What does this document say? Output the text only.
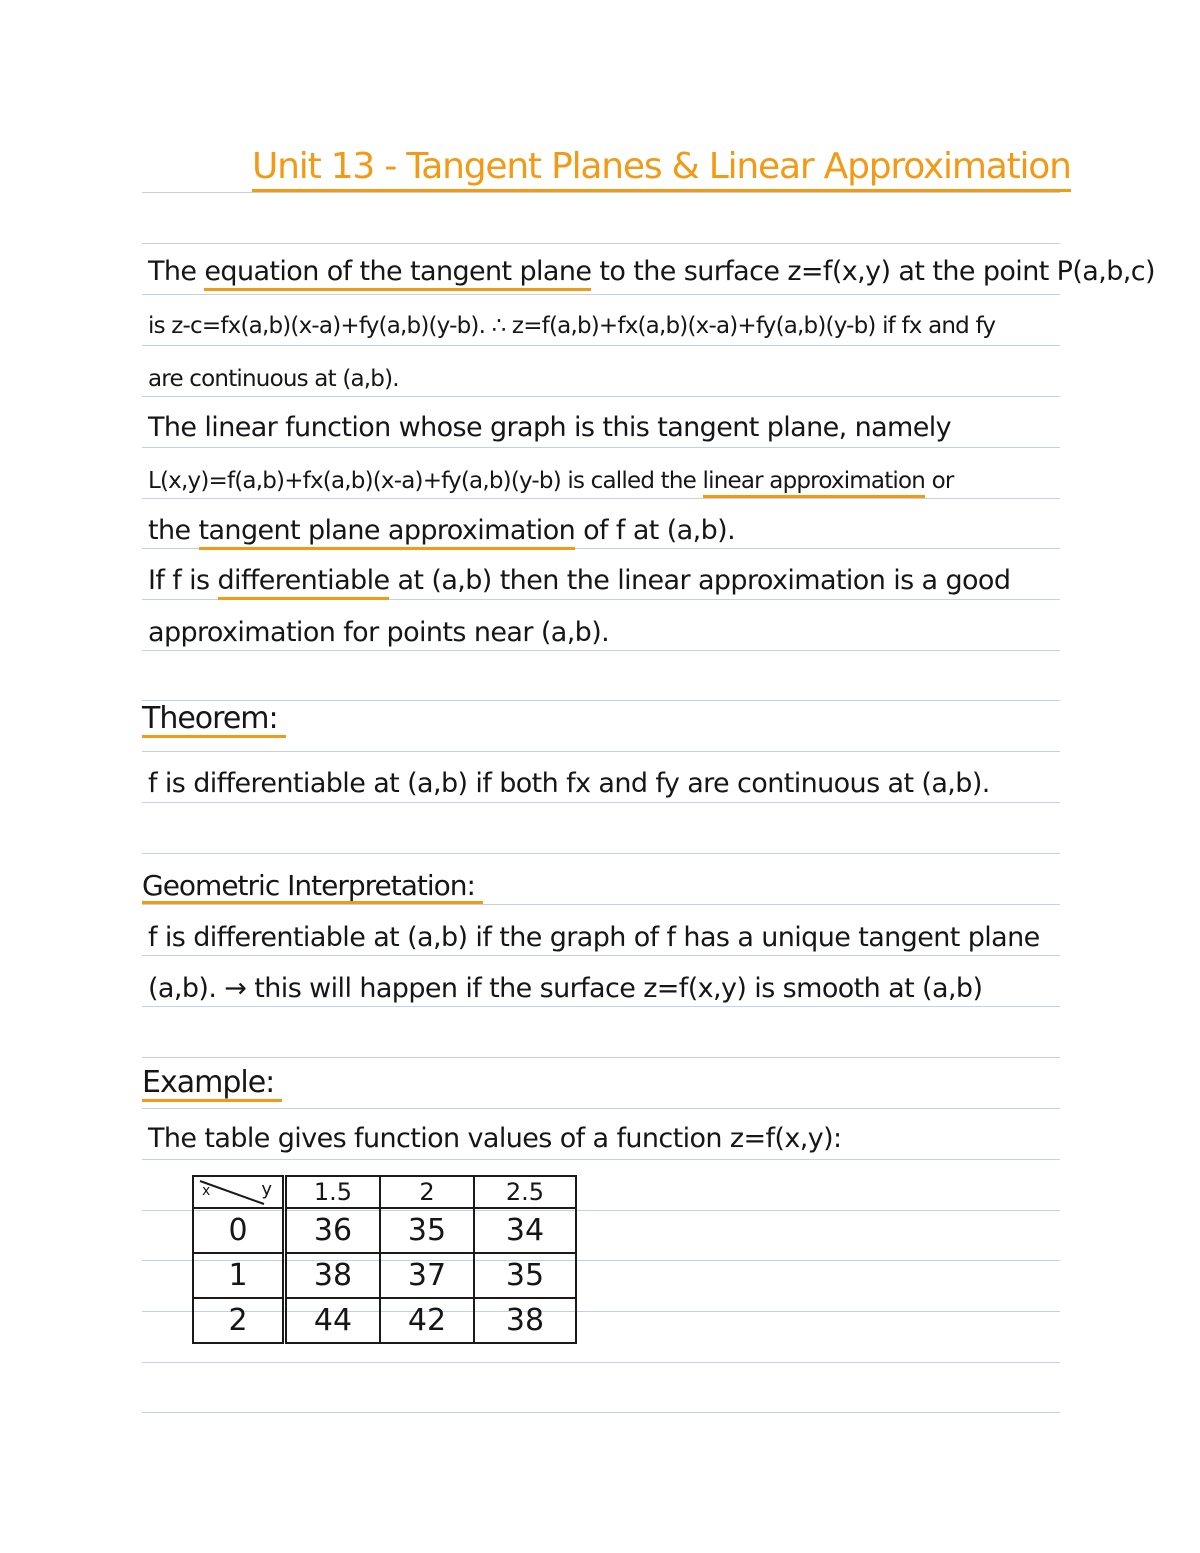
Unit 13 - Tangent Planes & Linear Approximation
The equation of the tangent plane to the surface z=f(x,y) at the point P(a,b,c)
is z-c=fx(a,b)(x-a)+fy(a,b)(y-b). ∴ z=f(a,b)+fx(a,b)(x-a)+fy(a,b)(y-b) if fx and fy
are continuous at (a,b).
The linear function whose graph is this tangent plane, namely
L(x,y)=f(a,b)+fx(a,b)(x-a)+fy(a,b)(y-b) is called the linear approximation or
the tangent plane approximation of f at (a,b).
If f is differentiable at (a,b) then the linear approximation is a good
approximation for points near (a,b).
Theorem:
f is differentiable at (a,b) if both fx and fy are continuous at (a,b).
Geometric Interpretation:
f is differentiable at (a,b) if the graph of f has a unique tangent plane
(a,b). → this will happen if the surface z=f(x,y) is smooth at (a,b)
Example:
The table gives function values of a function z=f(x,y):
x y	1.5	2	2.5
0	36	35	34
1	38	37	35
2	44	42	38
